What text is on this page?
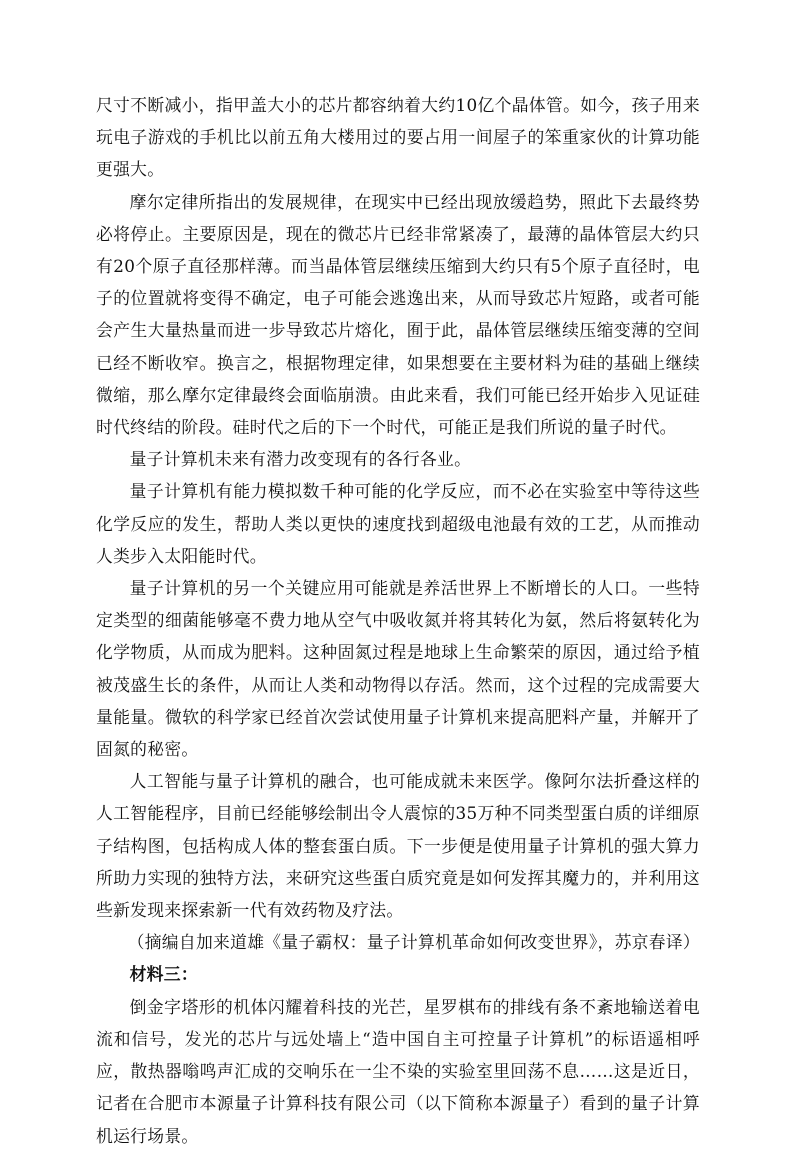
尺寸不断减小，指甲盖大小的芯片都容纳着大约10亿个晶体管。如今，孩子用来玩电子游戏的手机比以前五角大楼用过的要占用一间屋子的笨重家伙的计算功能更强大。

摩尔定律所指出的发展规律，在现实中已经出现放缓趋势，照此下去最终势必将停止。主要原因是，现在的微芯片已经非常紧凑了，最薄的晶体管层大约只有20个原子直径那样薄。而当晶体管层继续压缩到大约只有5个原子直径时，电子的位置就将变得不确定，电子可能会逃逸出来，从而导致芯片短路，或者可能会产生大量热量而进一步导致芯片熔化，囿于此，晶体管层继续压缩变薄的空间已经不断收窄。换言之，根据物理定律，如果想要在主要材料为硅的基础上继续微缩，那么摩尔定律最终会面临崩溃。由此来看，我们可能已经开始步入见证硅时代终结的阶段。硅时代之后的下一个时代，可能正是我们所说的量子时代。

量子计算机未来有潜力改变现有的各行各业。

量子计算机有能力模拟数千种可能的化学反应，而不必在实验室中等待这些化学反应的发生，帮助人类以更快的速度找到超级电池最有效的工艺，从而推动人类步入太阳能时代。

量子计算机的另一个关键应用可能就是养活世界上不断增长的人口。一些特定类型的细菌能够毫不费力地从空气中吸收氮并将其转化为氨，然后将氨转化为化学物质，从而成为肥料。这种固氮过程是地球上生命繁荣的原因，通过给予植被茂盛生长的条件，从而让人类和动物得以存活。然而，这个过程的完成需要大量能量。微软的科学家已经首次尝试使用量子计算机来提高肥料产量，并解开了固氮的秘密。

人工智能与量子计算机的融合，也可能成就未来医学。像阿尔法折叠这样的人工智能程序，目前已经能够绘制出令人震惊的35万种不同类型蛋白质的详细原子结构图，包括构成人体的整套蛋白质。下一步便是使用量子计算机的强大算力所助力实现的独特方法，来研究这些蛋白质究竟是如何发挥其魔力的，并利用这些新发现来探索新一代有效药物及疗法。

（摘编自加来道雄《量子霸权：量子计算机革命如何改变世界》，苏京春译）

材料三：

倒金字塔形的机体闪耀着科技的光芒，星罗棋布的排线有条不紊地输送着电流和信号，发光的芯片与远处墙上“造中国自主可控量子计算机”的标语遥相呼应，散热器嗡鸣声汇成的交响乐在一尘不染的实验室里回荡不息……这是近日，记者在合肥市本源量子计算科技有限公司（以下简称本源量子）看到的量子计算机运行场景。
